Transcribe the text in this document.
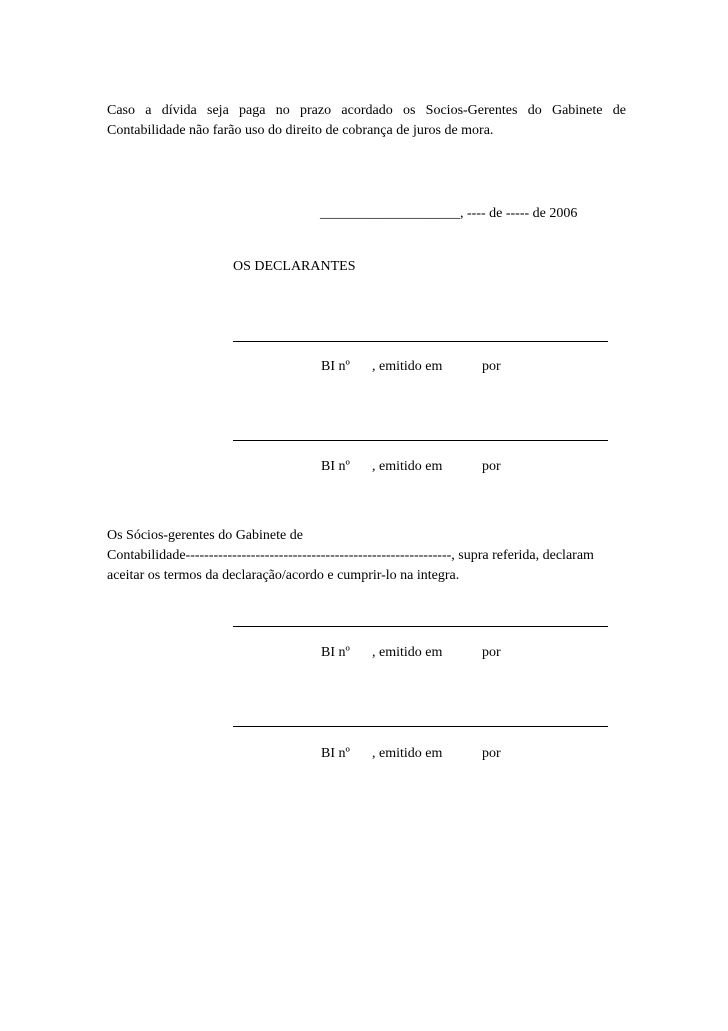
Caso a dívida seja paga no prazo acordado os Socios-Gerentes do Gabinete de
Contabilidade não farão uso do direito de cobrança de juros de mora.
____________________, ---- de ----- de 2006
OS DECLARANTES
BI nº , emitido em	por
BI nº , emitido em	por
Os Sócios-gerentes do Gabinete de
Contabilidade---------------------------------------------------------, supra referida, declaram
aceitar os termos da declaração/acordo e cumprir-lo na integra.
BI nº , emitido em	por
BI nº , emitido em	por
